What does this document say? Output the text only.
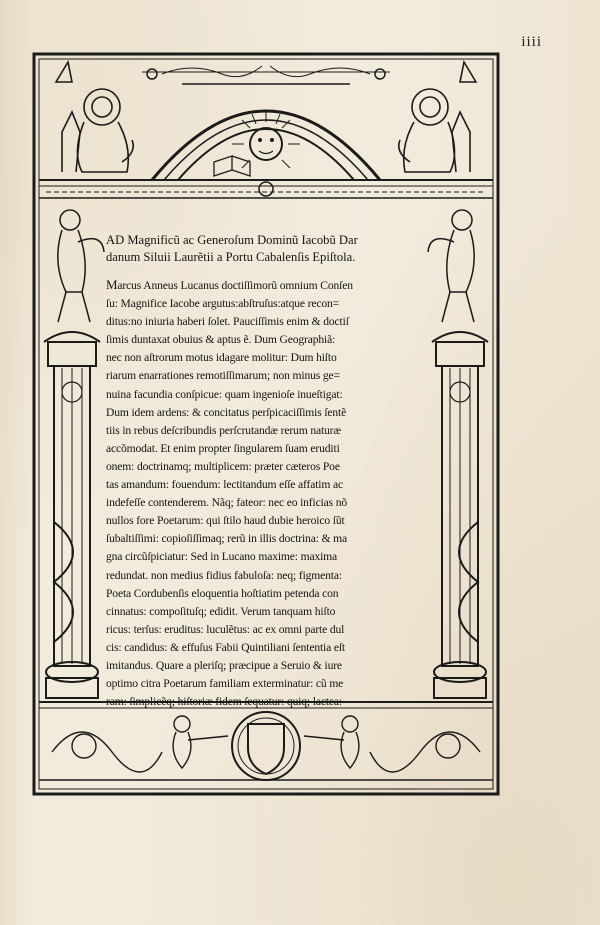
iiii
AD Magnificũ ac Generoſum Dominũ Iacobũ Dar
danum Siluii Laurẽtii a Portu Cabalenſis Epiſtola.
Marcus Anneus Lucanus doctiſſimorũ omnium Conſen
ſu: Magnifice Iacobe argutus:abſtruſus:atque recon=
ditus:no iniuria haberi ſolet. Pauciſſimis enim & doctiſ
ſimis duntaxat obuius & aptus ẽ. Dum Geographiã:
nec non aſtrorum motus idagare molitur: Dum hiſto
riarum enarrationes remotiſſimarum; non minus ge=
nuina facundia conſpicue: quam ingenioſe inueſtigat:
Dum idem ardens: & concitatus perſpicaciſſimis ſentẽ
tiis in rebus deſcribundis perſcrutandæ rerum naturæ
accõmodat. Et enim propter ſingularem ſuam eruditi
onem: doctrinamq; multiplicem: præter cæteros Poe
tas amandum: fouendum: lectitandum eſſe affatim ac
indefeſſe contenderem. Nãq; fateor: nec eo inficias nõ
nullos fore Poetarum: qui ſtilo haud dubie heroico ſũt
ſubaltiſſimi: copioſiſſimaq; rerũ in illis doctrina: & ma
gna circũſpiciatur: Sed in Lucano maxime: maxima
redundat. non medius fidius fabuloſa: neq; figmenta:
Poeta Cordubenſis eloquentia hoſtiatim petenda con
cinnatus: compoſituſq; edidit. Verum tanquam hiſto
ricus: terſus: eruditus: luculẽtus: ac ex omni parte dul
cis: candidus: & effuſus Fabii Quintiliani ſententia eſt
imitandus. Quare a pleriſq; præcipue a Seruio & iure
optimo citra Poetarum familiam exterminatur: cũ me
ram: ſimplicẽq; hiſtoriæ fidem ſequatur: quiq; lactea:
